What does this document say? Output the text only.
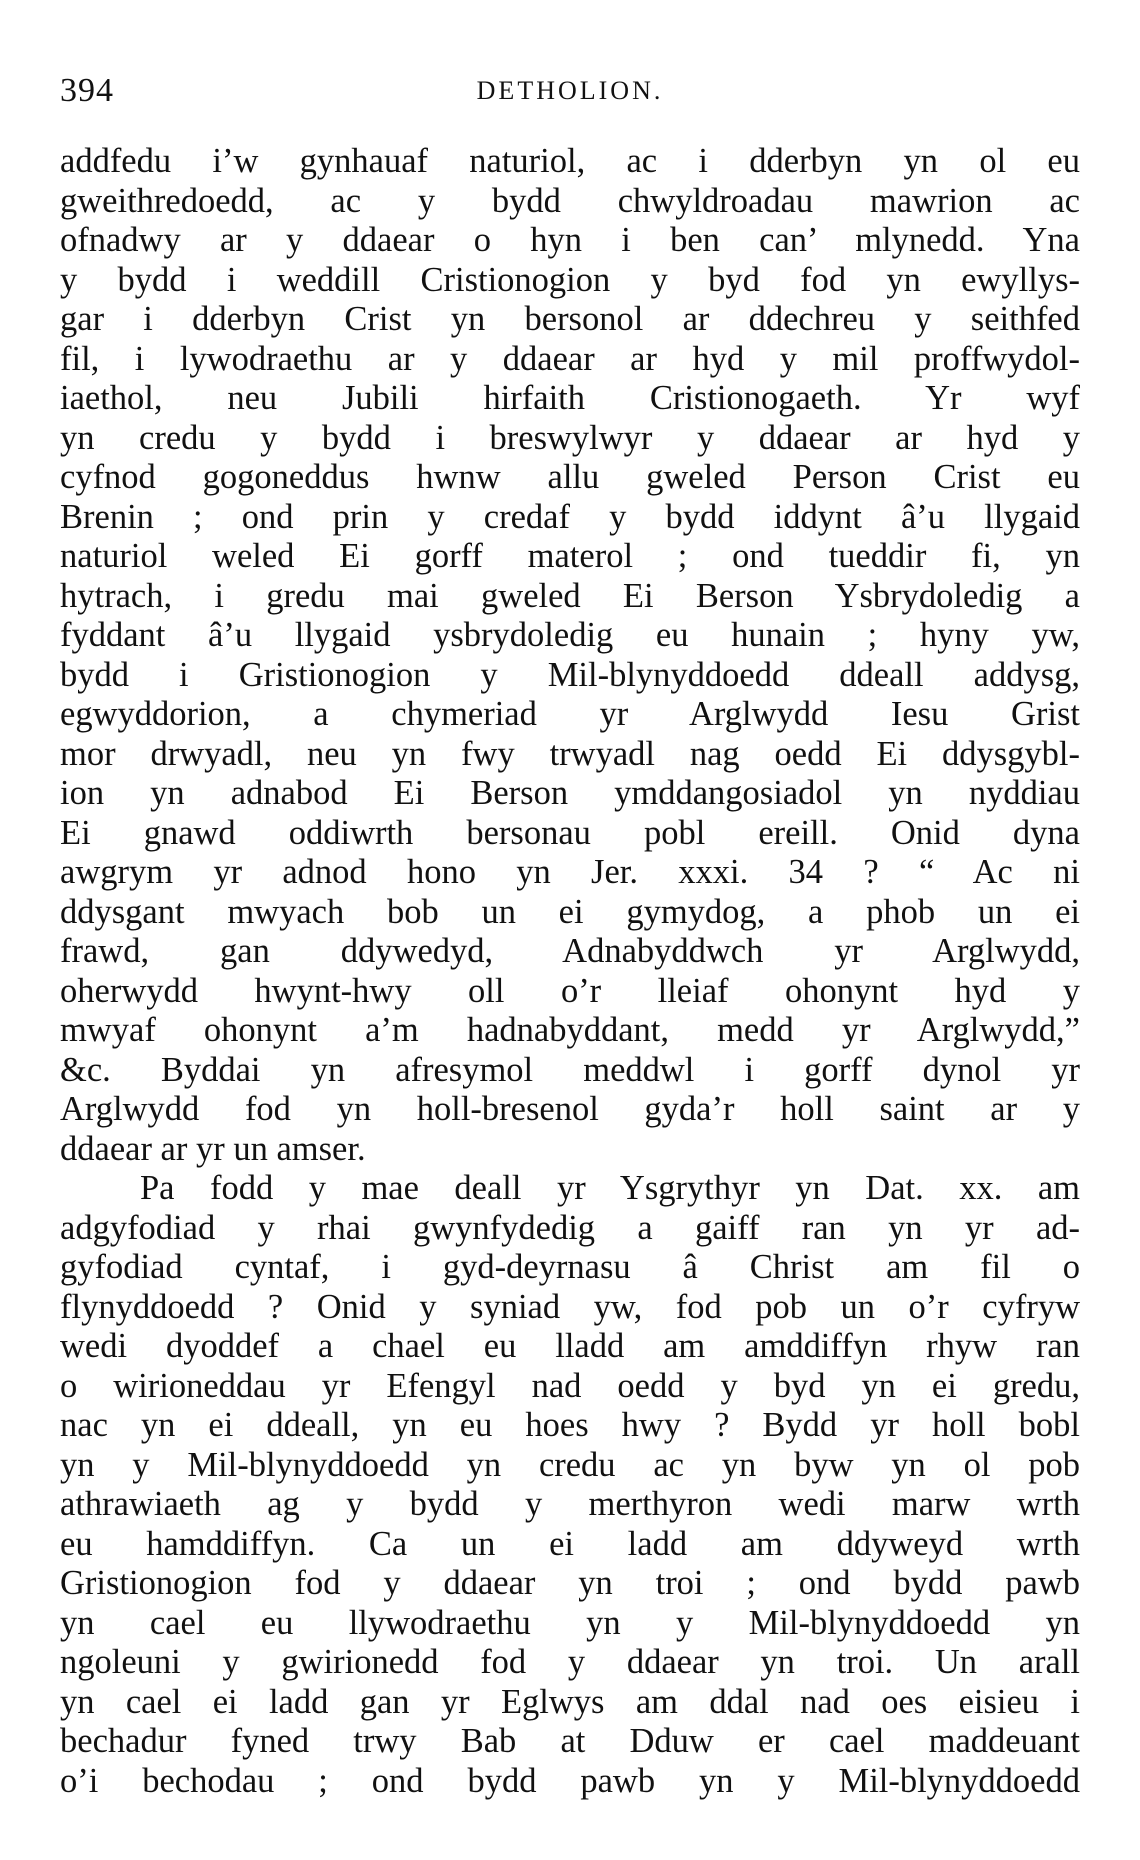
394	DETHOLION.
addfedu i’w gynhauaf naturiol, ac i dderbyn yn ol eu
gweithredoedd, ac y bydd chwyldroadau mawrion ac
ofnadwy ar y ddaear o hyn i ben can’ mlynedd. Yna
y bydd i weddill Cristionogion y byd fod yn ewyllys-
gar i dderbyn Crist yn bersonol ar ddechreu y seithfed
fil, i lywodraethu ar y ddaear ar hyd y mil proffwydol-
iaethol, neu Jubili hirfaith Cristionogaeth. Yr wyf
yn credu y bydd i breswylwyr y ddaear ar hyd y
cyfnod gogoneddus hwnw allu gweled Person Crist eu
Brenin ; ond prin y credaf y bydd iddynt â’u llygaid
naturiol weled Ei gorff materol ; ond tueddir fi, yn
hytrach, i gredu mai gweled Ei Berson Ysbrydoledig a
fyddant â’u llygaid ysbrydoledig eu hunain ; hyny yw,
bydd i Gristionogion y Mil-blynyddoedd ddeall addysg,
egwyddorion, a chymeriad yr Arglwydd Iesu Grist
mor drwyadl, neu yn fwy trwyadl nag oedd Ei ddysgybl-
ion yn adnabod Ei Berson ymddangosiadol yn nyddiau
Ei gnawd oddiwrth bersonau pobl ereill. Onid dyna
awgrym yr adnod hono yn Jer. xxxi. 34 ? “ Ac ni
ddysgant mwyach bob un ei gymydog, a phob un ei
frawd, gan ddywedyd, Adnabyddwch yr Arglwydd,
oherwydd hwynt-hwy oll o’r lleiaf ohonynt hyd y
mwyaf ohonynt a’m hadnabyddant, medd yr Arglwydd,”
&c. Byddai yn afresymol meddwl i gorff dynol yr
Arglwydd fod yn holl-bresenol gyda’r holl saint ar y
ddaear ar yr un amser.
Pa fodd y mae deall yr Ysgrythyr yn Dat. xx. am
adgyfodiad y rhai gwynfydedig a gaiff ran yn yr ad-
gyfodiad cyntaf, i gyd-deyrnasu â Christ am fil o
flynyddoedd ? Onid y syniad yw, fod pob un o’r cyfryw
wedi dyoddef a chael eu lladd am amddiffyn rhyw ran
o wirioneddau yr Efengyl nad oedd y byd yn ei gredu,
nac yn ei ddeall, yn eu hoes hwy ? Bydd yr holl bobl
yn y Mil-blynyddoedd yn credu ac yn byw yn ol pob
athrawiaeth ag y bydd y merthyron wedi marw wrth
eu hamddiffyn. Ca un ei ladd am ddyweyd wrth
Gristionogion fod y ddaear yn troi ; ond bydd pawb
yn cael eu llywodraethu yn y Mil-blynyddoedd yn
ngoleuni y gwirionedd fod y ddaear yn troi. Un arall
yn cael ei ladd gan yr Eglwys am ddal nad oes eisieu i
bechadur fyned trwy Bab at Dduw er cael maddeuant
o’i bechodau ; ond bydd pawb yn y Mil-blynyddoedd
